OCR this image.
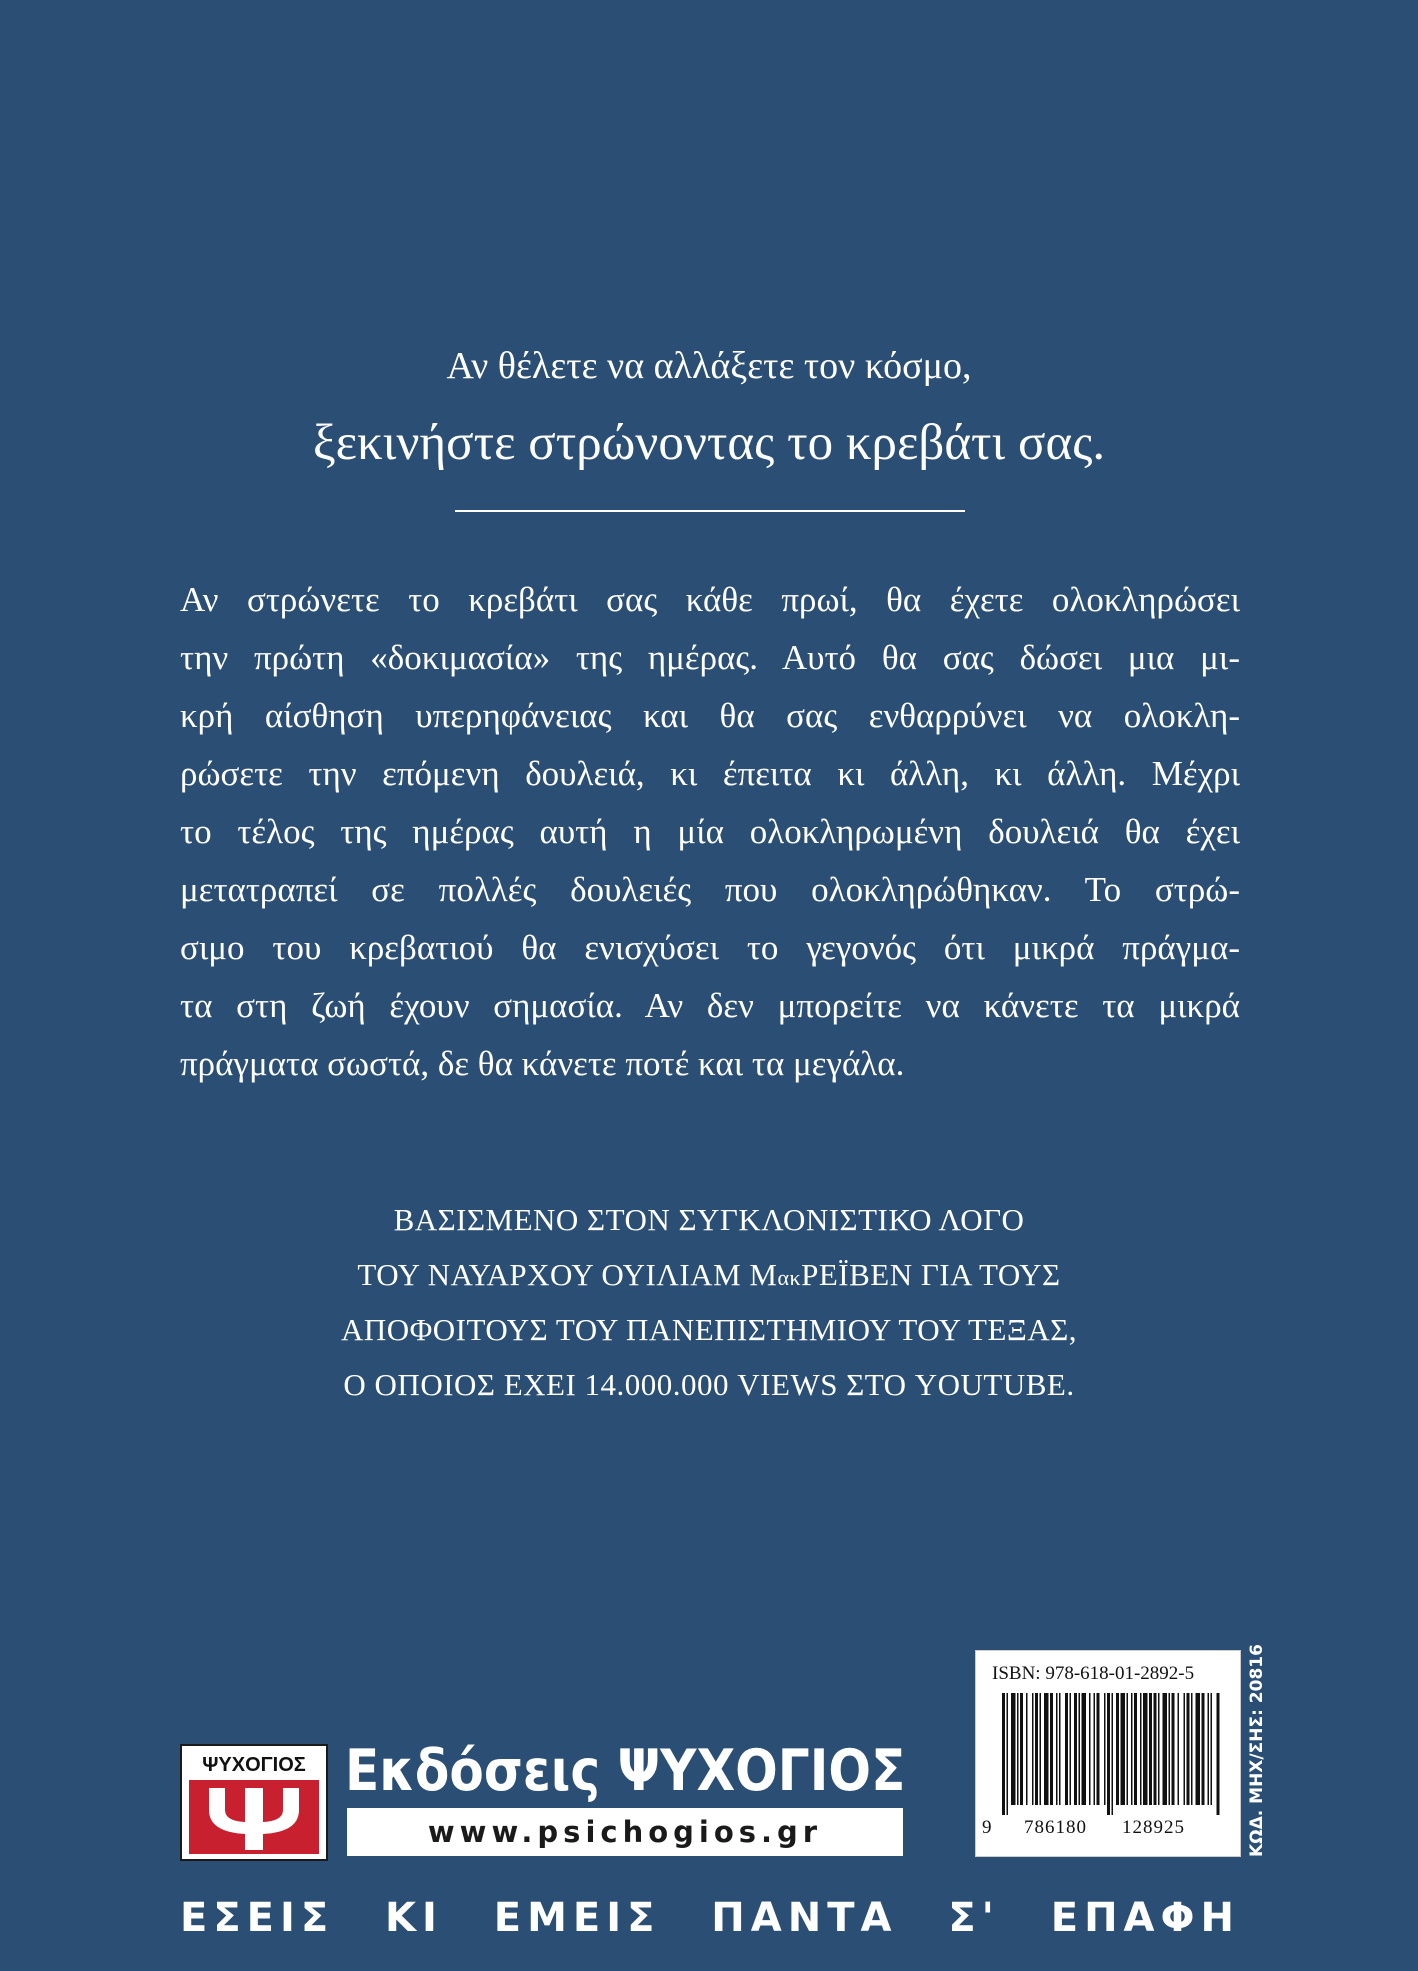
Αν θέλετε να αλλάξετε τον κόσμο,
ξεκινήστε στρώνοντας το κρεβάτι σας.
Αν στρώνετε το κρεβάτι σας κάθε πρωί, θα έχετε ολοκληρώσει
την πρώτη «δοκιμασία» της ημέρας. Αυτό θα σας δώσει μια μι-
κρή αίσθηση υπερηφάνειας και θα σας ενθαρρύνει να ολοκλη-
ρώσετε την επόμενη δουλειά, κι έπειτα κι άλλη, κι άλλη. Μέχρι
το τέλος της ημέρας αυτή η μία ολοκληρωμένη δουλειά θα έχει
μετατραπεί σε πολλές δουλειές που ολοκληρώθηκαν. Το στρώ-
σιμο του κρεβατιού θα ενισχύσει το γεγονός ότι μικρά πράγμα-
τα στη ζωή έχουν σημασία. Αν δεν μπορείτε να κάνετε τα μικρά
πράγματα σωστά, δε θα κάνετε ποτέ και τα μεγάλα.
ΒΑΣΙΣΜΕΝΟ ΣΤΟΝ ΣΥΓΚΛΟΝΙΣΤΙΚΟ ΛΟΓΟ
ΤΟΥ ΝΑΥΑΡΧΟΥ ΟΥΙΛΙΑΜ ΜακΡΕΪΒΕΝ ΓΙΑ ΤΟΥΣ
ΑΠΟΦΟΙΤΟΥΣ ΤΟΥ ΠΑΝΕΠΙΣΤΗΜΙΟΥ ΤΟΥ ΤΕΞΑΣ,
Ο ΟΠΟΙΟΣ ΕΧΕΙ 14.000.000 VIEWS ΣΤΟ YOUTUBE.
ΨΥΧΟΓΙΟΣ Εκδόσεις ΨΥΧΟΓΙΟΣ
www.psichogios.gr
ISBN: 978-618-01-2892-5
9 786180 128925	ΚΩΔ. ΜΗΧ/ΣΗΣ: 20816
ΕΣΕΙΣ ΚΙ ΕΜΕΙΣ ΠΑΝΤΑ Σ' ΕΠΑΦΗ
